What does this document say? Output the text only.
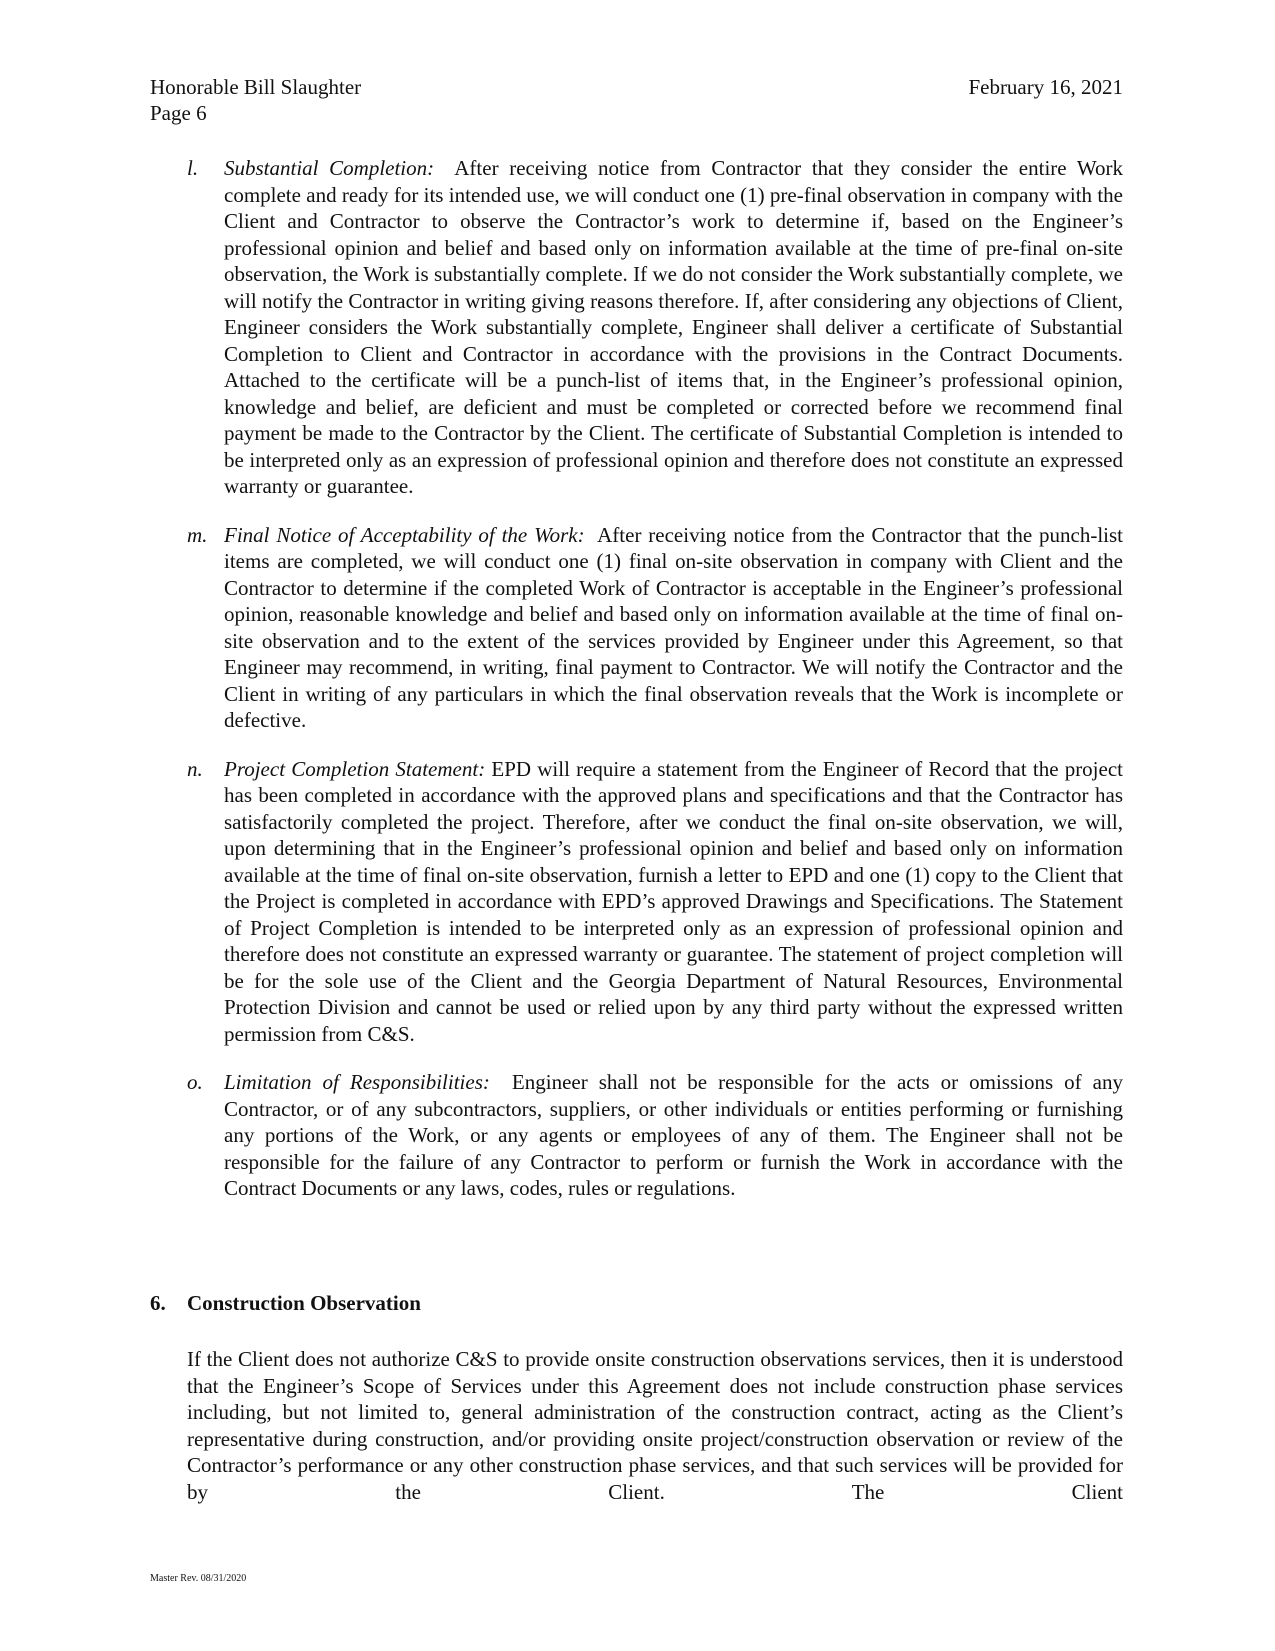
Honorable Bill Slaughter
Page 6
February 16, 2021
l. Substantial Completion: After receiving notice from Contractor that they consider the entire Work complete and ready for its intended use, we will conduct one (1) pre-final observation in company with the Client and Contractor to observe the Contractor’s work to determine if, based on the Engineer’s professional opinion and belief and based only on information available at the time of pre-final on-site observation, the Work is substantially complete. If we do not consider the Work substantially complete, we will notify the Contractor in writing giving reasons therefore. If, after considering any objections of Client, Engineer considers the Work substantially complete, Engineer shall deliver a certificate of Substantial Completion to Client and Contractor in accordance with the provisions in the Contract Documents. Attached to the certificate will be a punch-list of items that, in the Engineer’s professional opinion, knowledge and belief, are deficient and must be completed or corrected before we recommend final payment be made to the Contractor by the Client. The certificate of Substantial Completion is intended to be interpreted only as an expression of professional opinion and therefore does not constitute an expressed warranty or guarantee.
m. Final Notice of Acceptability of the Work: After receiving notice from the Contractor that the punch-list items are completed, we will conduct one (1) final on-site observation in company with Client and the Contractor to determine if the completed Work of Contractor is acceptable in the Engineer’s professional opinion, reasonable knowledge and belief and based only on information available at the time of final on-site observation and to the extent of the services provided by Engineer under this Agreement, so that Engineer may recommend, in writing, final payment to Contractor. We will notify the Contractor and the Client in writing of any particulars in which the final observation reveals that the Work is incomplete or defective.
n. Project Completion Statement: EPD will require a statement from the Engineer of Record that the project has been completed in accordance with the approved plans and specifications and that the Contractor has satisfactorily completed the project. Therefore, after we conduct the final on-site observation, we will, upon determining that in the Engineer’s professional opinion and belief and based only on information available at the time of final on-site observation, furnish a letter to EPD and one (1) copy to the Client that the Project is completed in accordance with EPD’s approved Drawings and Specifications. The Statement of Project Completion is intended to be interpreted only as an expression of professional opinion and therefore does not constitute an expressed warranty or guarantee. The statement of project completion will be for the sole use of the Client and the Georgia Department of Natural Resources, Environmental Protection Division and cannot be used or relied upon by any third party without the expressed written permission from C&S.
o. Limitation of Responsibilities: Engineer shall not be responsible for the acts or omissions of any Contractor, or of any subcontractors, suppliers, or other individuals or entities performing or furnishing any portions of the Work, or any agents or employees of any of them. The Engineer shall not be responsible for the failure of any Contractor to perform or furnish the Work in accordance with the Contract Documents or any laws, codes, rules or regulations.
6. Construction Observation
If the Client does not authorize C&S to provide onsite construction observations services, then it is understood that the Engineer’s Scope of Services under this Agreement does not include construction phase services including, but not limited to, general administration of the construction contract, acting as the Client’s representative during construction, and/or providing onsite project/construction observation or review of the Contractor’s performance or any other construction phase services, and that such services will be provided for by the Client. The Client
Master Rev. 08/31/2020
